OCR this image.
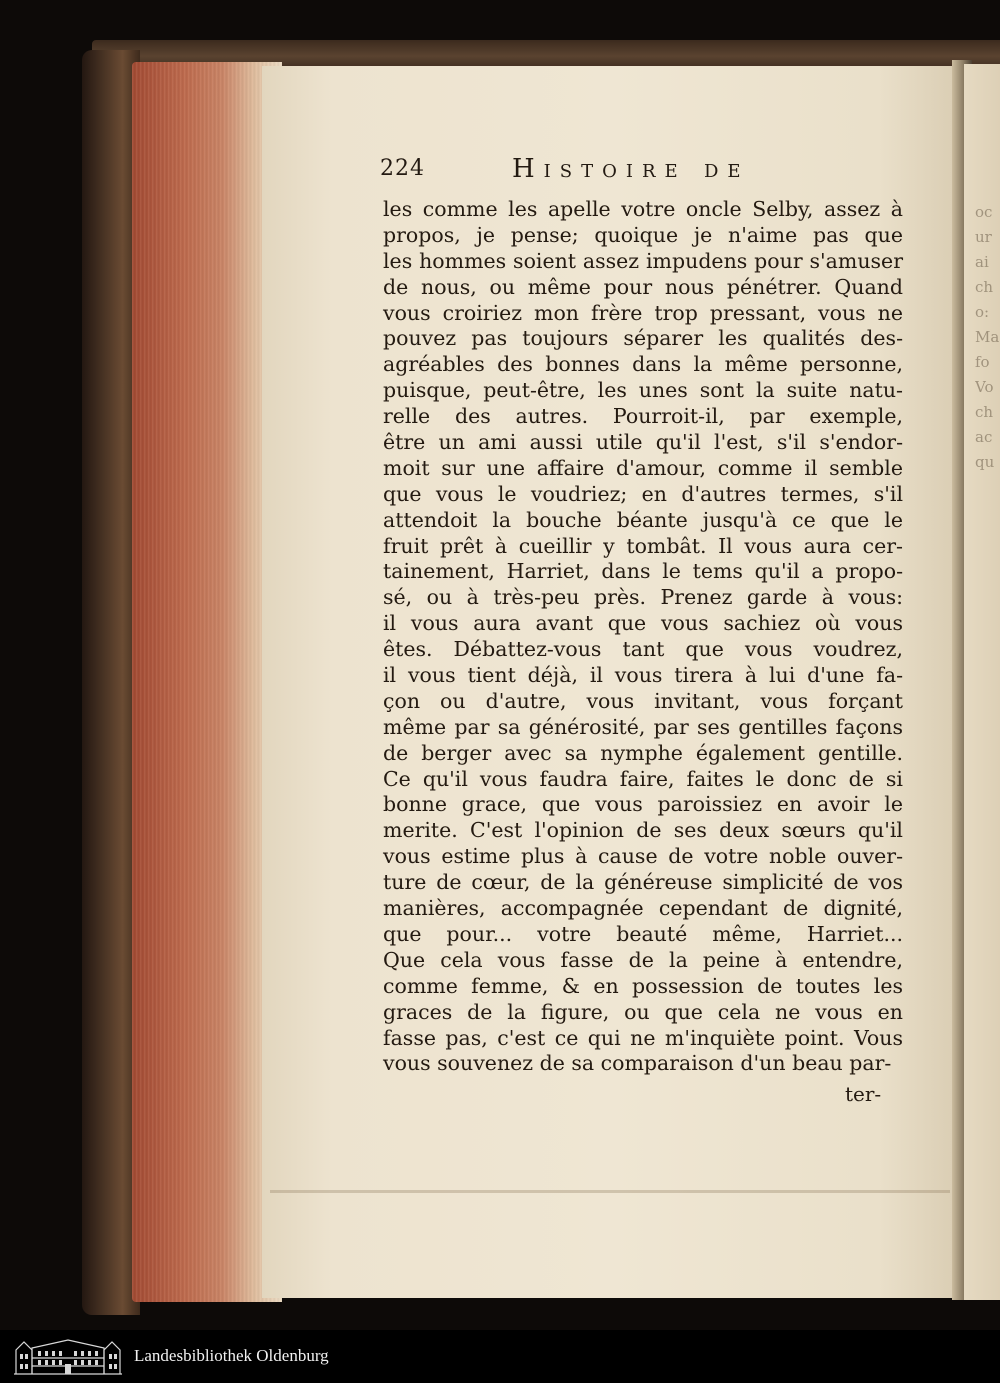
oc
ur
ai
ch
o:
Ma
fo
Vo
ch
ac
qu
224	Histoire de
les comme les apelle votre oncle Selby, assez à
propos, je pense; quoique je n'aime pas que
les hommes soient assez impudens pour s'amuser
de nous, ou même pour nous pénétrer. Quand
vous croiriez mon frère trop pressant, vous ne
pouvez pas toujours séparer les qualités des-
agréables des bonnes dans la même personne,
puisque, peut-être, les unes sont la suite natu-
relle des autres. Pourroit-il, par exemple,
être un ami aussi utile qu'il l'est, s'il s'endor-
moit sur une affaire d'amour, comme il semble
que vous le voudriez; en d'autres termes, s'il
attendoit la bouche béante jusqu'à ce que le
fruit prêt à cueillir y tombât. Il vous aura cer-
tainement, Harriet, dans le tems qu'il a propo-
sé, ou à très-peu près. Prenez garde à vous:
il vous aura avant que vous sachiez où vous
êtes. Débattez-vous tant que vous voudrez,
il vous tient déjà, il vous tirera à lui d'une fa-
çon ou d'autre, vous invitant, vous forçant
même par sa générosité, par ses gentilles façons
de berger avec sa nymphe également gentille.
Ce qu'il vous faudra faire, faites le donc de si
bonne grace, que vous paroissiez en avoir le
merite. C'est l'opinion de ses deux sœurs qu'il
vous estime plus à cause de votre noble ouver-
ture de cœur, de la généreuse simplicité de vos
manières, accompagnée cependant de dignité,
que pour... votre beauté même, Harriet...
Que cela vous fasse de la peine à entendre,
comme femme, & en possession de toutes les
graces de la figure, ou que cela ne vous en
fasse pas, c'est ce qui ne m'inquiète point. Vous
vous souvenez de sa comparaison d'un beau par-
ter-
Landesbibliothek Oldenburg
